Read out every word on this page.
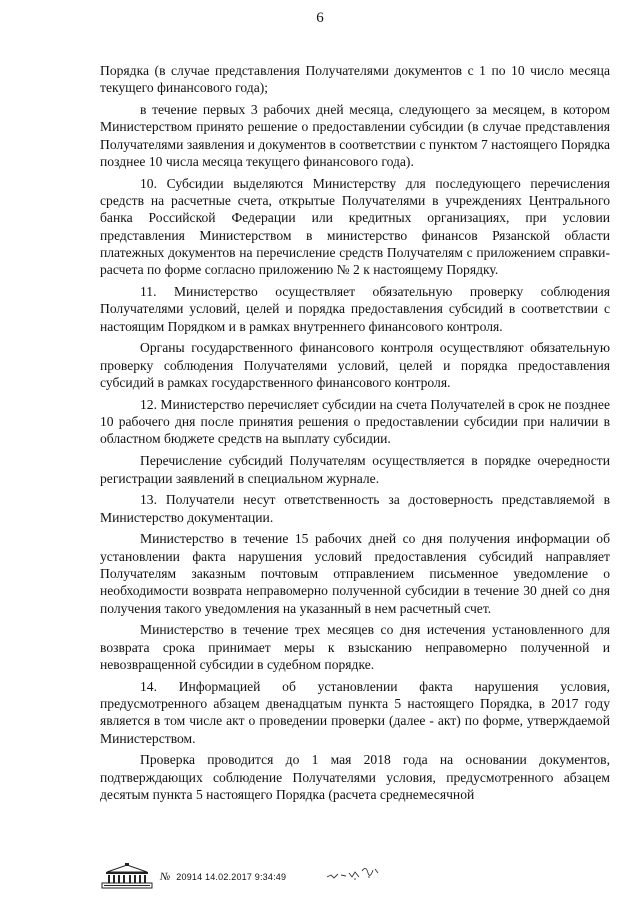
6

Порядка (в случае представления Получателями документов с 1 по 10 число месяца текущего финансового года);

в течение первых 3 рабочих дней месяца, следующего за месяцем, в котором Министерством принято решение о предоставлении субсидии (в случае представления Получателями заявления и документов в соответствии с пунктом 7 настоящего Порядка позднее 10 числа месяца текущего финансового года).

10. Субсидии выделяются Министерству для последующего перечисления средств на расчетные счета, открытые Получателями в учреждениях Центрального банка Российской Федерации или кредитных организациях, при условии представления Министерством в министерство финансов Рязанской области платежных документов на перечисление средств Получателям с приложением справки-расчета по форме согласно приложению № 2 к настоящему Порядку.

11. Министерство осуществляет обязательную проверку соблюдения Получателями условий, целей и порядка предоставления субсидий в соответствии с настоящим Порядком и в рамках внутреннего финансового контроля.

Органы государственного финансового контроля осуществляют обязательную проверку соблюдения Получателями условий, целей и порядка предоставления субсидий в рамках государственного финансового контроля.

12. Министерство перечисляет субсидии на счета Получателей в срок не позднее 10 рабочего дня после принятия решения о предоставлении субсидии при наличии в областном бюджете средств на выплату субсидии.

Перечисление субсидий Получателям осуществляется в порядке очередности регистрации заявлений в специальном журнале.

13. Получатели несут ответственность за достоверность представляемой в Министерство документации.

Министерство в течение 15 рабочих дней со дня получения информации об установлении факта нарушения условий предоставления субсидий направляет Получателям заказным почтовым отправлением письменное уведомление о необходимости возврата неправомерно полученной субсидии в течение 30 дней со дня получения такого уведомления на указанный в нем расчетный счет.

Министерство в течение трех месяцев со дня истечения установленного для возврата срока принимает меры к взысканию неправомерно полученной и невозвращенной субсидии в судебном порядке.

14. Информацией об установлении факта нарушения условия, предусмотренного абзацем двенадцатым пункта 5 настоящего Порядка, в 2017 году является в том числе акт о проведении проверки (далее - акт) по форме, утверждаемой Министерством.

Проверка проводится до 1 мая 2018 года на основании документов, подтверждающих соблюдение Получателями условия, предусмотренного абзацем десятым пункта 5 настоящего Порядка (расчета среднемесячной

№ 20914 14.02.2017 9:34:49
